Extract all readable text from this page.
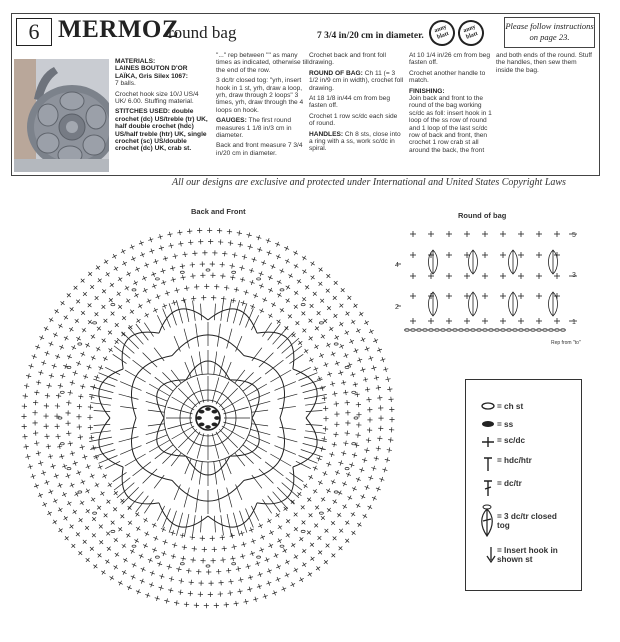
6 MERMOZ
round bag	7 3/4 in/20 cm in diameter.
anny
blatt
anny
blatt
Please follow instructions on page 23.

MATERIALS:
LAINES BOUTON D'OR LAÏKA, Gris Silex 1067:
7 balls.

Crochet hook size 10/J US/4 UK/ 6.00. Stuffing material.

STITCHES USED: double crochet (dc) US/treble (tr) UK, half double crochet (hdc) US/half treble (htr) UK, single crochet (sc) US/double crochet (dc) UK, crab st.

"..." rep between "" as many times as indicated, otherwise till the end of the row.

3 dc/tr closed tog: "yrh, insert hook in 1 st, yrh, draw a loop, yrh, draw through 2 loops" 3 times, yrh, draw through the 4 loops on hook.

GAUGES: The first round measures 1 1/8 in/3 cm in diameter.

Back and front measure 7 3/4 in/20 cm in diameter.

Crochet back and front foll drawing.

ROUND OF BAG: Ch 11 (= 3 1/2 in/9 cm in width), crochet foll drawing.

At 18 1/8 in/44 cm from beg fasten off.

Crochet 1 row sc/dc each side of round.

HANDLES: Ch 8 sts, close into a ring with a ss, work sc/dc in spiral.

At 10 1/4 in/26 cm from beg fasten off.

Crochet another handle to match.

FINISHING:
Join back and front to the round of the bag working sc/dc as foll: insert hook in 1 loop of the ss row of round and 1 loop of the last sc/dc row of back and front, then crochet 1 row crab st all around the back, the front

and both ends of the round. Stuff the handles, then sew them inside the bag.

All our designs are exclusive and protected under International and United States Copyright Laws
Back and Front	Round of bag
5
4
3
2
1
Rep from "to"
= ch st
= ss
= sc/dc
= hdc/htr
= dc/tr
= 3 dc/tr closed tog
= Insert hook in shown st
